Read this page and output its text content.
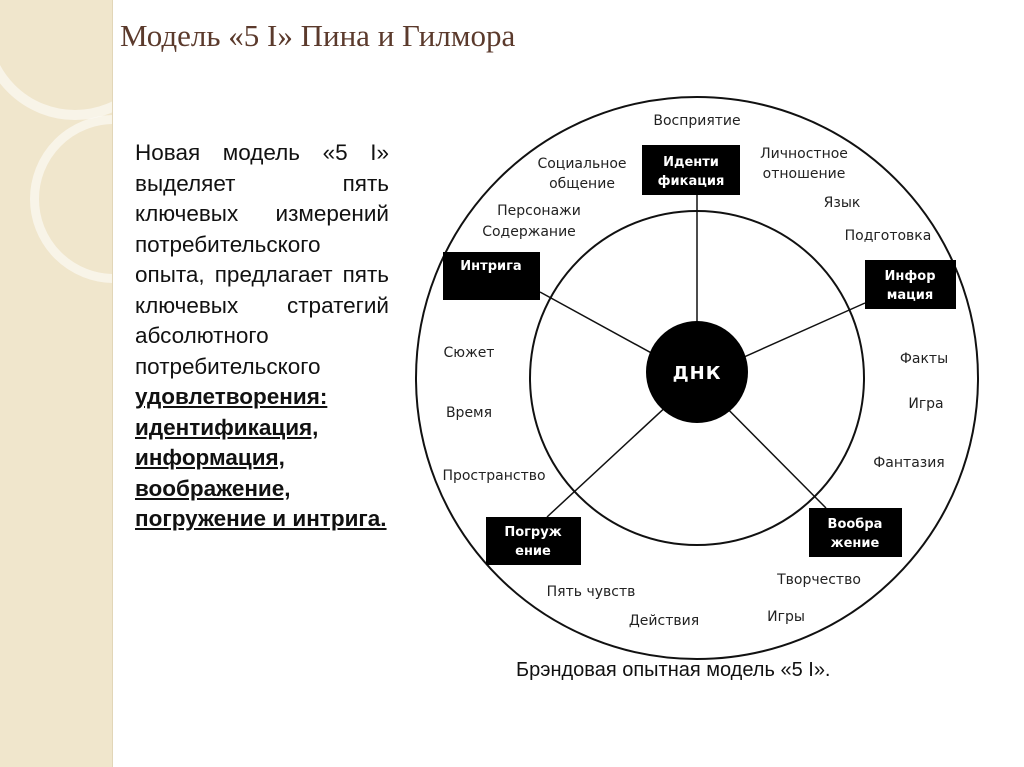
Модель «5 I» Пина и Гилмора
Новая модель «5 I» выделяет пять ключевых измерений потребительского опыта, предлагает пять ключевых стратегий абсолютного потребительского удовлетворения: идентификация, информация, воображение, погружение и интрига.
ДНК
Иденти
фикация
Интрига
Инфор
мация
Погруж
ение
Вообра
жение
Восприятие
Социальное
общение
Личностное
отношение
Язык
Персонажи
Содержание	Подготовка
Сюжет	Факты
Время
Игра
Пространство
Фантазия
Творчество
Пять чувств
Игры
Действия
Брэндовая опытная модель «5 I».
